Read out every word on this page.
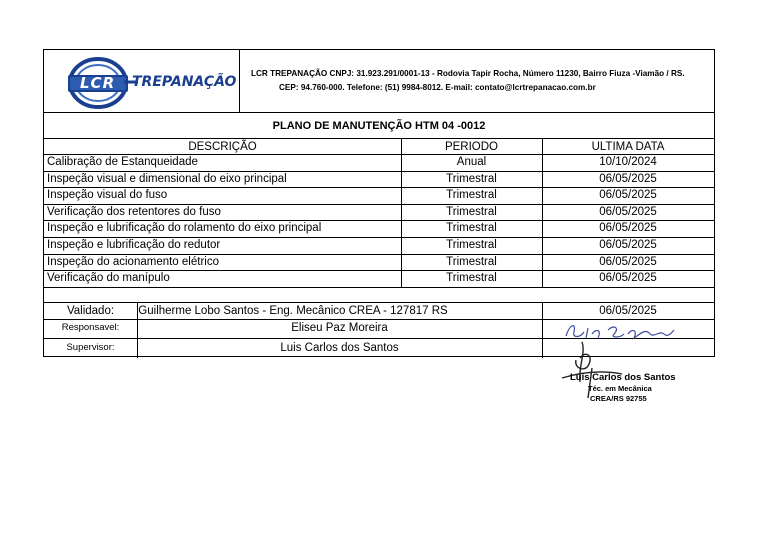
LCR TREPANAÇÃO
LCR TREPANAÇÃO CNPJ: 31.923.291/0001-13 - Rodovia Tapir Rocha, Número 11230, Bairro Fiuza -Viamão / RS.
CEP: 94.760-000. Telefone: (51) 9984-8012. E-mail: contato@lcrtrepanacao.com.br
PLANO DE MANUTENÇÃO HTM 04 -0012
DESCRIÇÃO	PERIODO	ULTIMA DATA
Calibração de Estanqueidade	Anual	10/10/2024
Inspeção visual e dimensional do eixo principal	Trimestral	06/05/2025
Inspeção visual do fuso	Trimestral	06/05/2025
Verificação dos retentores do fuso	Trimestral	06/05/2025
Inspeção e lubrificação do rolamento do eixo principal	Trimestral	06/05/2025
Inspeção e lubrificação do redutor	Trimestral	06/05/2025
Inspeção do acionamento elétrico	Trimestral	06/05/2025
Verificação do manípulo	Trimestral	06/05/2025
Validado:	Guilherme Lobo Santos - Eng. Mecânico CREA - 127817 RS	06/05/2025
Responsavel:	Eliseu Paz Moreira
Supervisor:	Luis Carlos dos Santos
Luis Carlos dos Santos
Téc. em Mecânica
CREA/RS 92755
